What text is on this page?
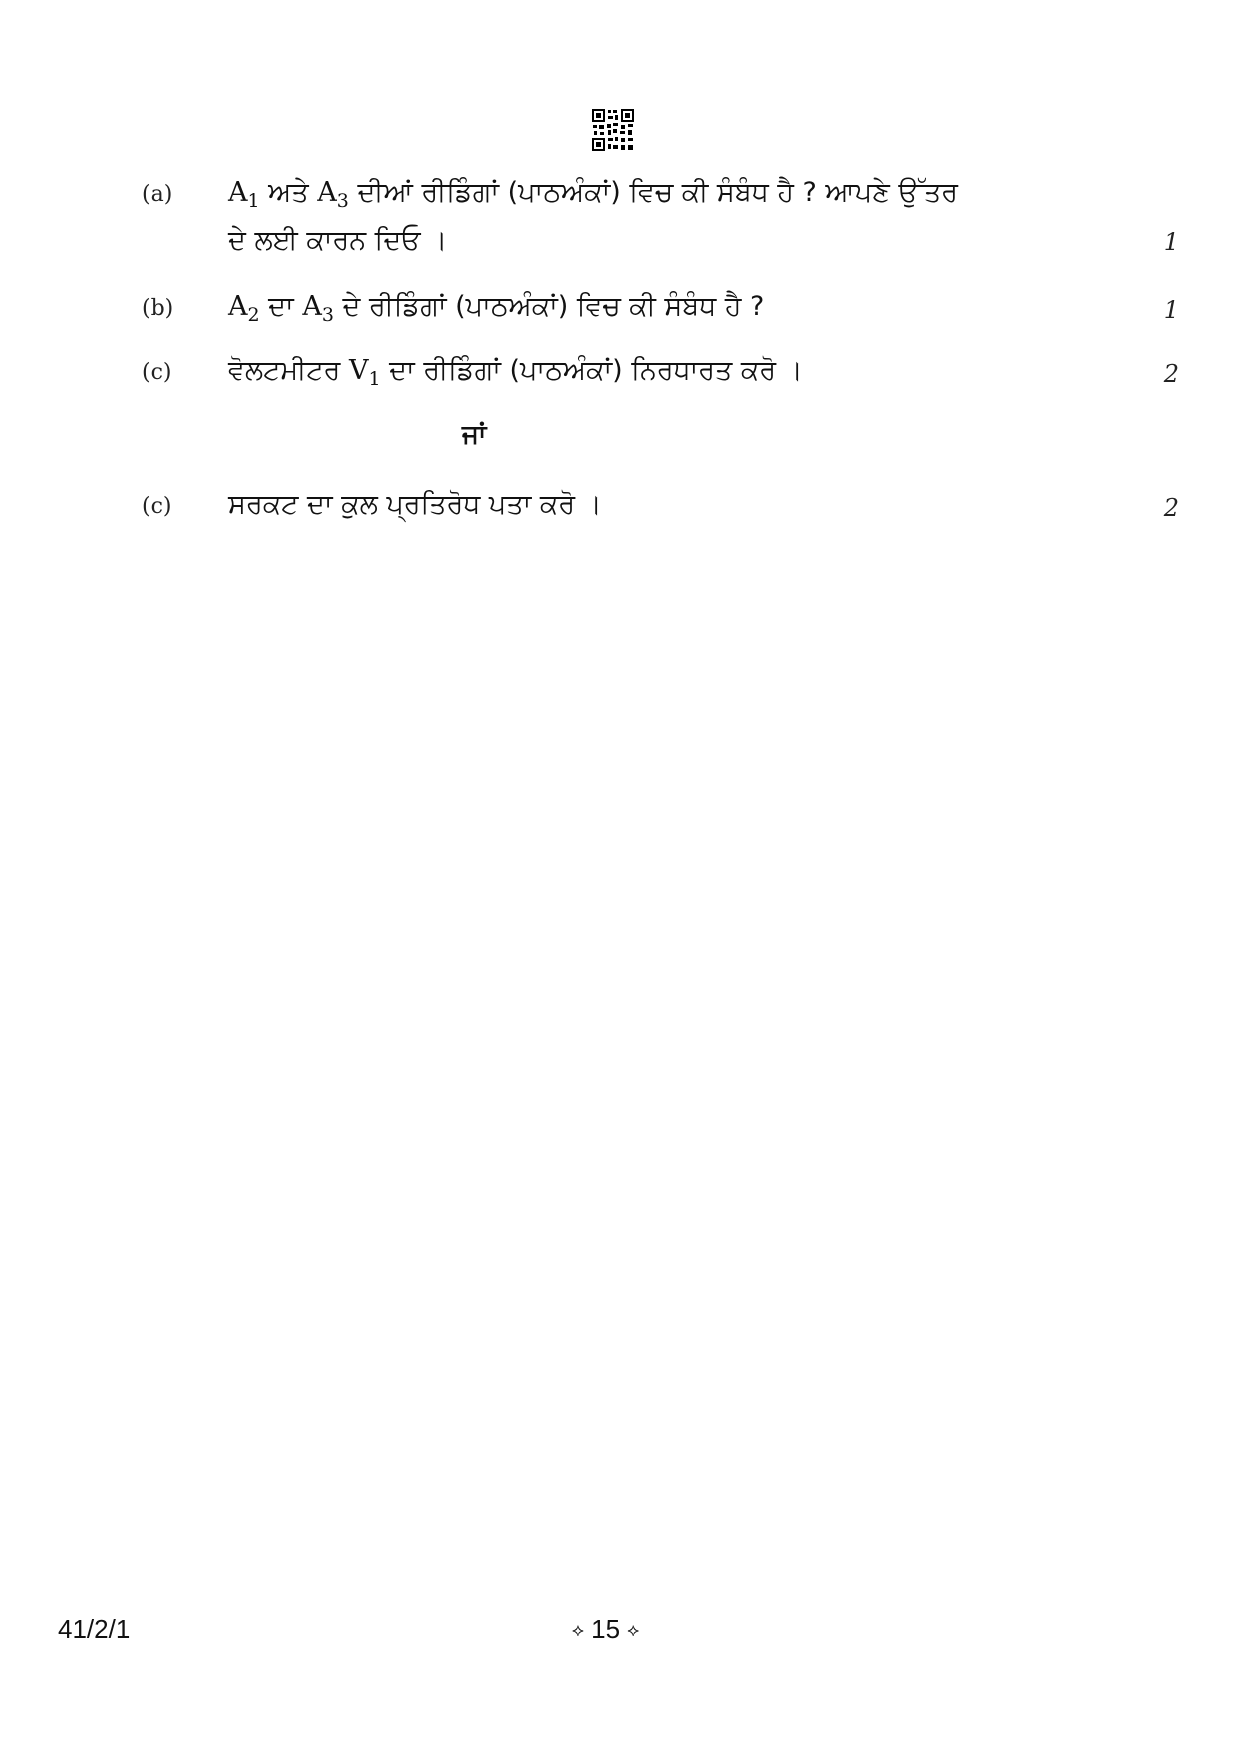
(a) $A_1$ ਅਤੇ $A_3$ ਦੀਆਂ ਰੀਡਿੰਗਾਂ (ਪਾਠਅੰਕਾਂ) ਵਿਚ ਕੀ ਸੰਬੰਧ ਹੈ ? ਆਪਣੇ ਉੱਤਰ
ਦੇ ਲਈ ਕਾਰਨ ਦਿਓ ।	1
(b) $A_2$ ਦਾ $A_3$ ਦੇ ਰੀਡਿੰਗਾਂ (ਪਾਠਅੰਕਾਂ) ਵਿਚ ਕੀ ਸੰਬੰਧ ਹੈ ?	1
(c) ਵੋਲਟਮੀਟਰ $V_1$ ਦਾ ਰੀਡਿੰਗਾਂ (ਪਾਠਅੰਕਾਂ) ਨਿਰਧਾਰਤ ਕਰੋ ।	2
ਜਾਂ
(c) ਸਰਕਟ ਦਾ ਕੁਲ ਪ੍ਰਤਿਰੋਧ ਪਤਾ ਕਰੋ ।	2
41/2/1	⟡ 15 ⟡
